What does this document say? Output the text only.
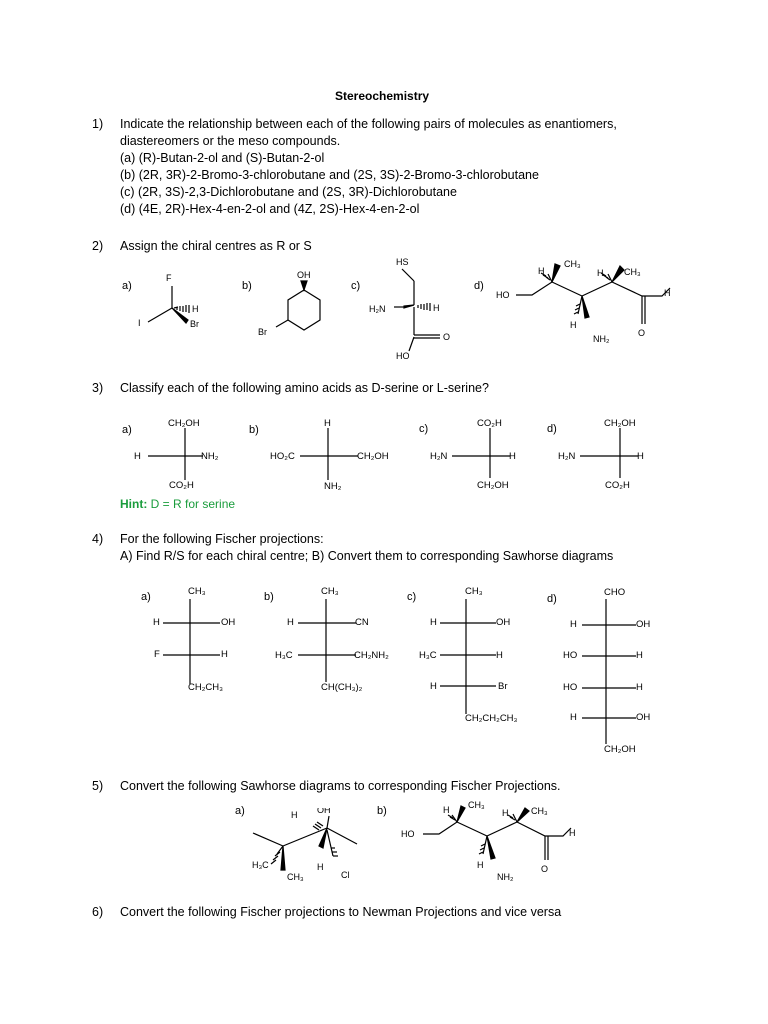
Stereochemistry
1) Indicate the relationship between each of the following pairs of molecules as enantiomers,
diastereomers or the meso compounds.
(a) (R)-Butan-2-ol and (S)-Butan-2-ol
(b) (2R, 3R)-2-Bromo-3-chlorobutane and (2S, 3S)-2-Bromo-3-chlorobutane
(c) (2R, 3S)-2,3-Dichlorobutane and (2S, 3R)-Dichlorobutane
(d) (4E, 2R)-Hex-4-en-2-ol and (4Z, 2S)-Hex-4-en-2-ol
2) Assign the chiral centres as R or S
a)	b)	c)	d)
F
H
Br
I
OH
Br
HS
H₂N	H
HO
O
H
CH₃
H CH₃
HO
H
NH₂
O
H
3) Classify each of the following amino acids as D-serine or L-serine?
a)	b)	c)	d)
CH₂OH
H	NH₂
CO₂H
H
HO₂C	CH₂OH
NH₂
CO₂H
H₂N	H
CH₂OH
CH₂OH
H₂N	H
CO₂H
Hint: D = R for serine
4) For the following Fischer projections:
A) Find R/S for each chiral centre; B) Convert them to corresponding Sawhorse diagrams
a)	b)	c)	d)
CH₃
H	OH
F	H
CH₂CH₃
CH₃
H	CN
H₃C	CH₂NH₂
CH(CH₃)₂
CH₃
H	OH
H₃C	H
H	Br
CH₂CH₂CH₃
CHO
H	OH
HO	H
HO	H
H	OH
CH₂OH
5) Convert the following Sawhorse diagrams to corresponding Fischer Projections.
a)	b)
H OH
H₃C
CH₃
H
Cl
H CH₃
H	CH₃
HO
H
NH₂
O
H
6) Convert the following Fischer projections to Newman Projections and vice versa
